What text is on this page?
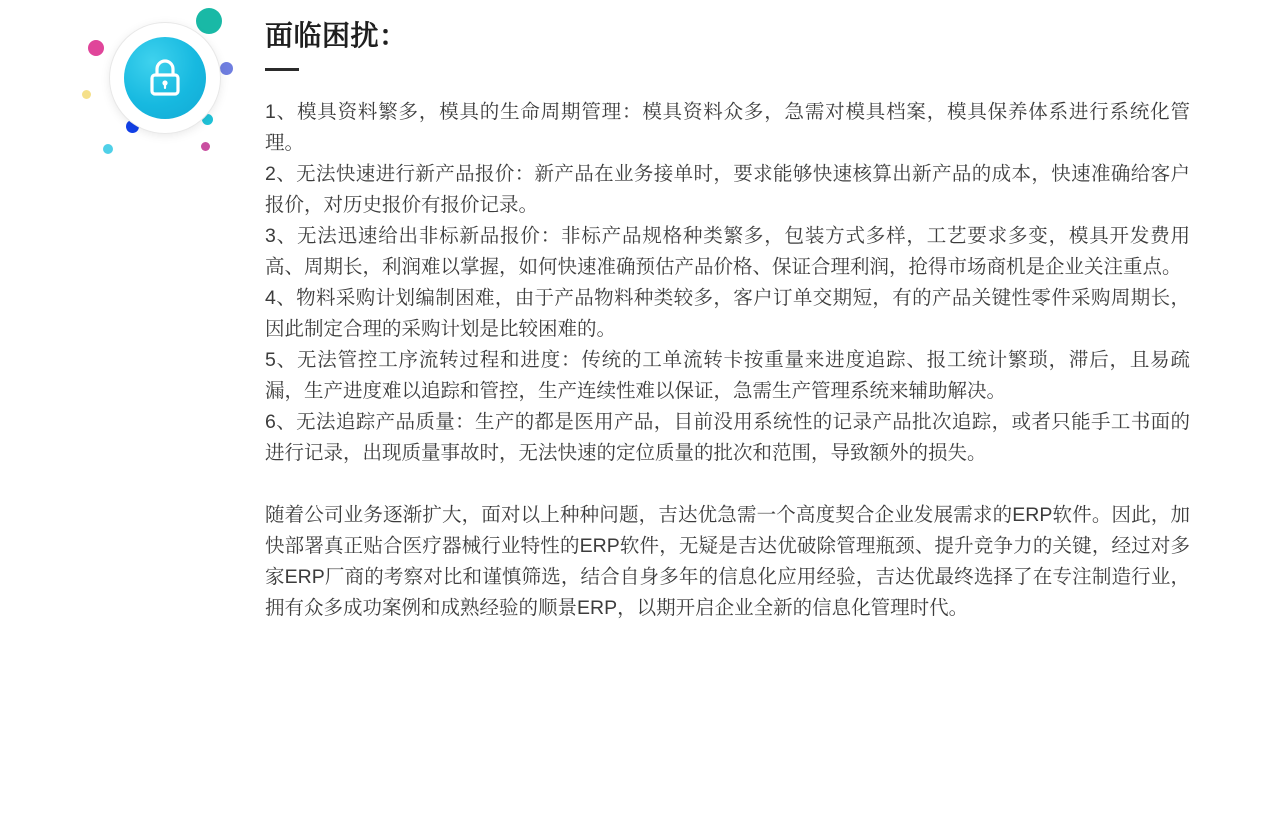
面临困扰：
1、模具资料繁多，模具的生命周期管理：模具资料众多，急需对模具档案，模具保养体系进行系统化管理。
2、无法快速进行新产品报价：新产品在业务接单时，要求能够快速核算出新产品的成本，快速准确给客户报价，对历史报价有报价记录。
3、无法迅速给出非标新品报价：非标产品规格种类繁多，包装方式多样，工艺要求多变，模具开发费用高、周期长，利润难以掌握，如何快速准确预估产品价格、保证合理利润，抢得市场商机是企业关注重点。
4、物料采购计划编制困难，由于产品物料种类较多，客户订单交期短，有的产品关键性零件采购周期长，因此制定合理的采购计划是比较困难的。
5、无法管控工序流转过程和进度：传统的工单流转卡按重量来进度追踪、报工统计繁琐，滞后，且易疏漏，生产进度难以追踪和管控，生产连续性难以保证，急需生产管理系统来辅助解决。
6、无法追踪产品质量：生产的都是医用产品，目前没用系统性的记录产品批次追踪，或者只能手工书面的进行记录，出现质量事故时，无法快速的定位质量的批次和范围，导致额外的损失。

随着公司业务逐渐扩大，面对以上种种问题，吉达优急需一个高度契合企业发展需求的ERP软件。因此，加快部署真正贴合医疗器械行业特性的ERP软件，无疑是吉达优破除管理瓶颈、提升竞争力的关键，经过对多家ERP厂商的考察对比和谨慎筛选，结合自身多年的信息化应用经验，吉达优最终选择了在专注制造行业，拥有众多成功案例和成熟经验的顺景ERP，以期开启企业全新的信息化管理时代。
